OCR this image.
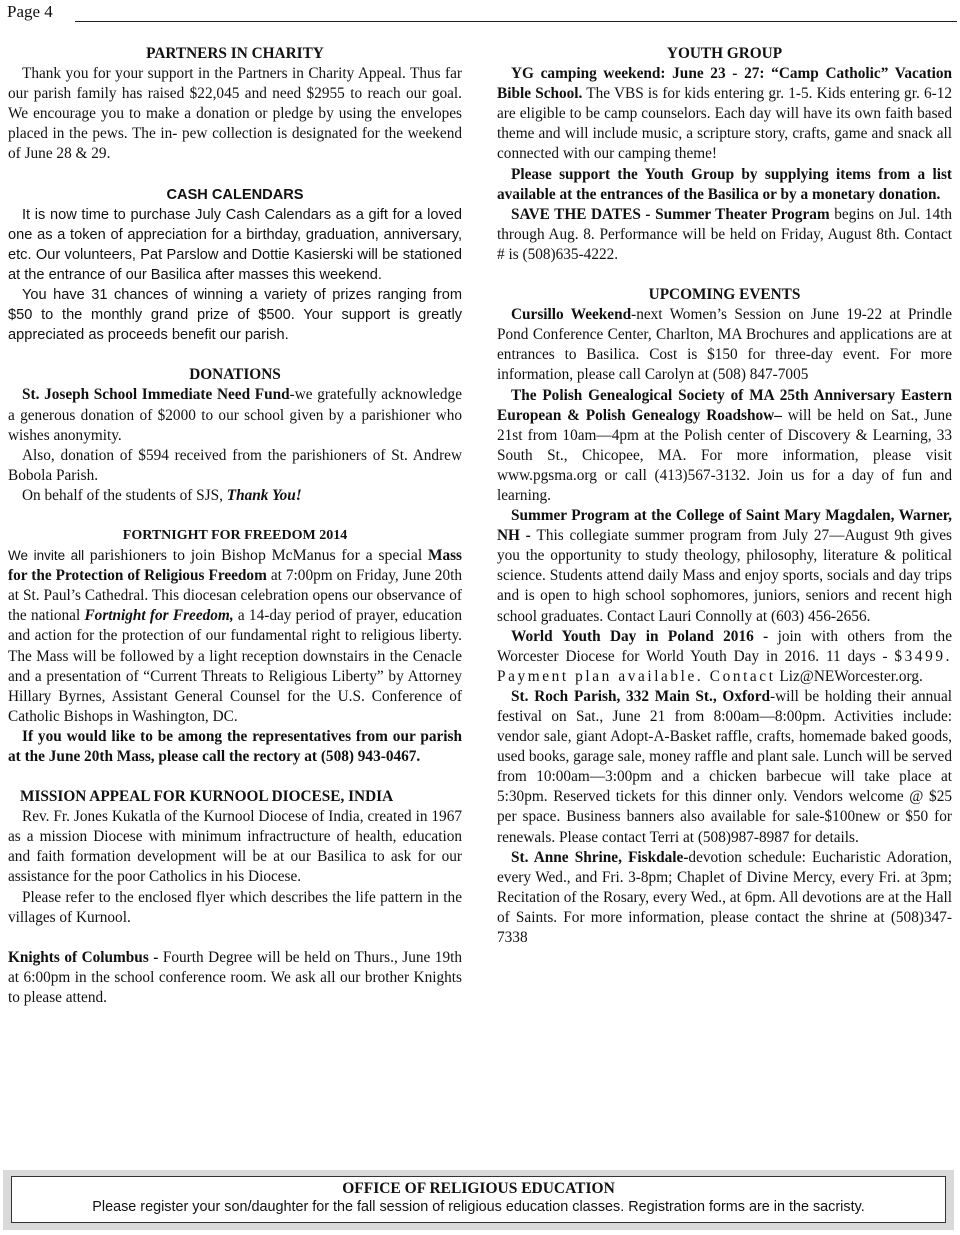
Page 4

PARTNERS IN CHARITY

Thank you for your support in the Partners in Charity Appeal. Thus far our parish family has raised $22,045 and need $2955 to reach our goal. We encourage you to make a donation or pledge by using the envelopes placed in the pews. The in- pew collection is designated for the weekend of June 28 & 29.

CASH CALENDARS

It is now time to purchase July Cash Calendars as a gift for a loved one as a token of appreciation for a birthday, graduation, anniversary, etc. Our volunteers, Pat Parslow and Dottie Kasierski will be stationed at the entrance of our Basilica after masses this weekend.

You have 31 chances of winning a variety of prizes ranging from $50 to the monthly grand prize of $500. Your support is greatly appreciated as proceeds benefit our parish.

DONATIONS

St. Joseph School Immediate Need Fund-we gratefully acknowledge a generous donation of $2000 to our school given by a parishioner who wishes anonymity.

Also, donation of $594 received from the parishioners of St. Andrew Bobola Parish.

On behalf of the students of SJS, Thank You!

FORTNIGHT FOR FREEDOM 2014

We invite all parishioners to join Bishop McManus for a special Mass for the Protection of Religious Freedom at 7:00pm on Friday, June 20th at St. Paul’s Cathedral. This diocesan celebration opens our observance of the national Fortnight for Freedom, a 14-day period of prayer, education and action for the protection of our fundamental right to religious liberty. The Mass will be followed by a light reception downstairs in the Cenacle and a presentation of “Current Threats to Religious Liberty” by Attorney Hillary Byrnes, Assistant General Counsel for the U.S. Conference of Catholic Bishops in Washington, DC.

If you would like to be among the representatives from our parish at the June 20th Mass, please call the rectory at (508) 943-0467.

MISSION APPEAL FOR KURNOOL DIOCESE, INDIA

Rev. Fr. Jones Kukatla of the Kurnool Diocese of India, created in 1967 as a mission Diocese with minimum infractructure of health, education and faith formation development will be at our Basilica to ask for our assistance for the poor Catholics in his Diocese.

Please refer to the enclosed flyer which describes the life pattern in the villages of Kurnool.

Knights of Columbus - Fourth Degree will be held on Thurs., June 19th at 6:00pm in the school conference room. We ask all our brother Knights to please attend.

YOUTH GROUP

YG camping weekend: June 23 - 27: “Camp Catholic” Vacation Bible School. The VBS is for kids entering gr. 1-5. Kids entering gr. 6-12 are eligible to be camp counselors. Each day will have its own faith based theme and will include music, a scripture story, crafts, game and snack all connected with our camping theme!

Please support the Youth Group by supplying items from a list available at the entrances of the Basilica or by a monetary donation.

SAVE THE DATES - Summer Theater Program begins on Jul. 14th through Aug. 8. Performance will be held on Friday, August 8th. Contact # is (508)635-4222.

UPCOMING EVENTS

Cursillo Weekend-next Women’s Session on June 19-22 at Prindle Pond Conference Center, Charlton, MA Brochures and applications are at entrances to Basilica. Cost is $150 for three-day event. For more information, please call Carolyn at (508) 847-7005

The Polish Genealogical Society of MA 25th Anniversary Eastern European & Polish Genealogy Roadshow– will be held on Sat., June 21st from 10am—4pm at the Polish center of Discovery & Learning, 33 South St., Chicopee, MA. For more information, please visit www.pgsma.org or call (413)567-3132. Join us for a day of fun and learning.

Summer Program at the College of Saint Mary Magdalen, Warner, NH - This collegiate summer program from July 27—August 9th gives you the opportunity to study theology, philosophy, literature & political science. Students attend daily Mass and enjoy sports, socials and day trips and is open to high school sophomores, juniors, seniors and recent high school graduates. Contact Lauri Connolly at (603) 456-2656.

World Youth Day in Poland 2016 - join with others from the Worcester Diocese for World Youth Day in 2016. 11 days - $3499. Payment plan available. Contact Liz@NEWorcester.org.

St. Roch Parish, 332 Main St., Oxford-will be holding their annual festival on Sat., June 21 from 8:00am—8:00pm. Activities include: vendor sale, giant Adopt-A-Basket raffle, crafts, homemade baked goods, used books, garage sale, money raffle and plant sale. Lunch will be served from 10:00am—3:00pm and a chicken barbecue will take place at 5:30pm. Reserved tickets for this dinner only. Vendors welcome @ $25 per space. Business banners also available for sale-$100new or $50 for renewals. Please contact Terri at (508)987-8987 for details.

St. Anne Shrine, Fiskdale-devotion schedule: Eucharistic Adoration, every Wed., and Fri. 3-8pm; Chaplet of Divine Mercy, every Fri. at 3pm; Recitation of the Rosary, every Wed., at 6pm. All devotions are at the Hall of Saints. For more information, please contact the shrine at (508)347-7338

OFFICE OF RELIGIOUS EDUCATION
Please register your son/daughter for the fall session of religious education classes. Registration forms are in the sacristy.
